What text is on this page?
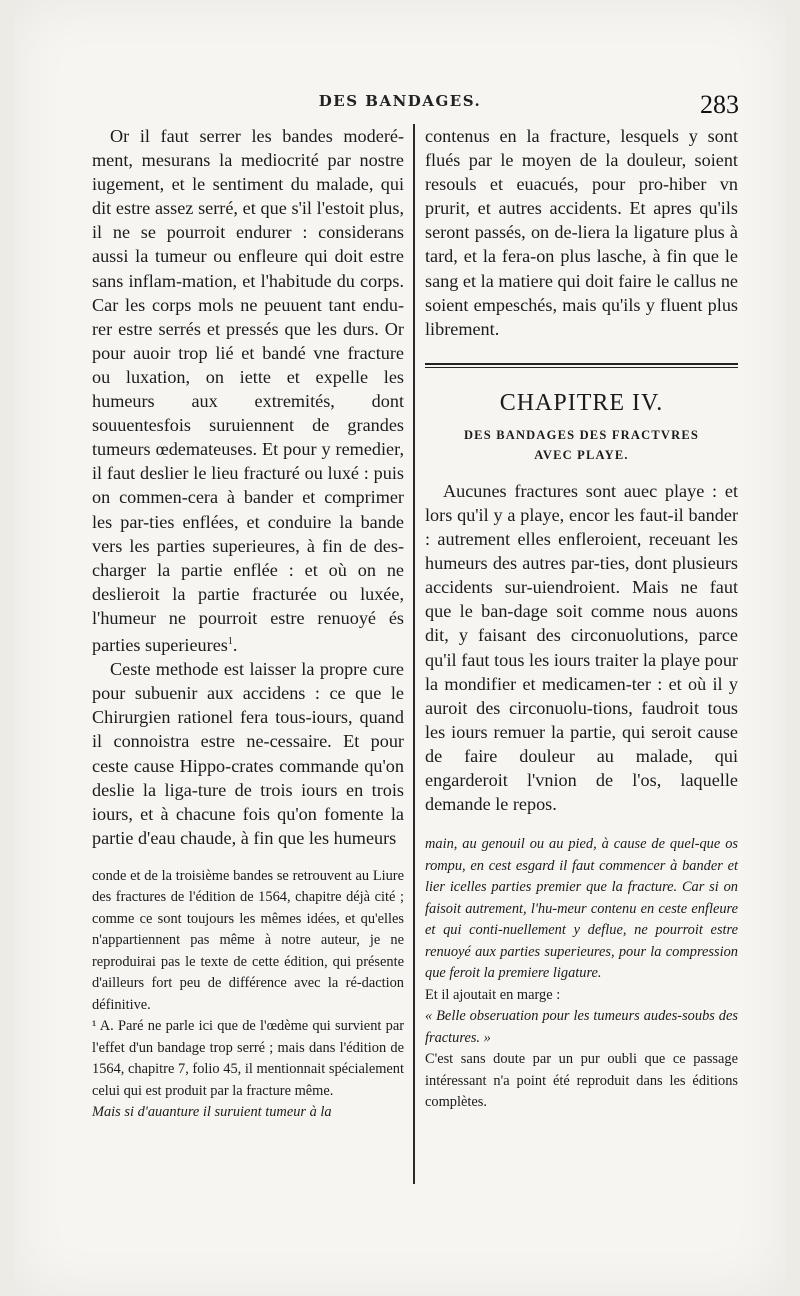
DES BANDAGES.	283

Or il faut serrer les bandes moderé-ment, mesurans la mediocrité par nostre iugement, et le sentiment du malade, qui dit estre assez serré, et que s'il l'estoit plus, il ne se pourroit endurer : considerans aussi la tumeur ou enfleure qui doit estre sans inflam-mation, et l'habitude du corps. Car les corps mols ne peuuent tant endu-rer estre serrés et pressés que les durs. Or pour auoir trop lié et bandé vne fracture ou luxation, on iette et expelle les humeurs aux extremités, dont souuentesfois suruiennent de grandes tumeurs œdemateuses. Et pour y remedier, il faut deslier le lieu fracturé ou luxé : puis on commen-cera à bander et comprimer les par-ties enflées, et conduire la bande vers les parties superieures, à fin de des-charger la partie enflée : et où on ne deslieroit la partie fracturée ou luxée, l'humeur ne pourroit estre renuoyé és parties superieures$^1$.

Ceste methode est laisser la propre cure pour subuenir aux accidens : ce que le Chirurgien rationel fera tous-iours, quand il connoistra estre ne-cessaire. Et pour ceste cause Hippo-crates commande qu'on deslie la liga-ture de trois iours en trois iours, et à chacune fois qu'on fomente la partie d'eau chaude, à fin que les humeurs

conde et de la troisième bandes se retrouvent au Liure des fractures de l'édition de 1564, chapitre déjà cité ; comme ce sont toujours les mêmes idées, et qu'elles n'appartiennent pas même à notre auteur, je ne reproduirai pas le texte de cette édition, qui présente d'ailleurs fort peu de différence avec la ré-daction définitive.

¹ A. Paré ne parle ici que de l'œdème qui survient par l'effet d'un bandage trop serré ; mais dans l'édition de 1564, chapitre 7, folio 45, il mentionnait spécialement celui qui est produit par la fracture même.

Mais si d'auanture il suruient tumeur à la

contenus en la fracture, lesquels y sont flués par le moyen de la douleur, soient resouls et euacués, pour pro-hiber vn prurit, et autres accidents. Et apres qu'ils seront passés, on de-liera la ligature plus à tard, et la fera-on plus lasche, à fin que le sang et la matiere qui doit faire le callus ne soient empeschés, mais qu'ils y fluent plus librement.

CHAPITRE IV.
DES BANDAGES DES FRACTVRES
AVEC PLAYE.

Aucunes fractures sont auec playe : et lors qu'il y a playe, encor les faut-il bander : autrement elles enfleroient, receuant les humeurs des autres par-ties, dont plusieurs accidents sur-uiendroient. Mais ne faut que le ban-dage soit comme nous auons dit, y faisant des circonuolutions, parce qu'il faut tous les iours traiter la playe pour la mondifier et medicamen-ter : et où il y auroit des circonuolu-tions, faudroit tous les iours remuer la partie, qui seroit cause de faire douleur au malade, qui engarderoit l'vnion de l'os, laquelle demande le repos.

main, au genouil ou au pied, à cause de quel-que os rompu, en cest esgard il faut commencer à bander et lier icelles parties premier que la fracture. Car si on faisoit autrement, l'hu-meur contenu en ceste enfleure et qui conti-nuellement y deflue, ne pourroit estre renuoyé aux parties superieures, pour la compression que feroit la premiere ligature.

Et il ajoutait en marge :

« Belle obseruation pour les tumeurs audes-soubs des fractures. »

C'est sans doute par un pur oubli que ce passage intéressant n'a point été reproduit dans les éditions complètes.
